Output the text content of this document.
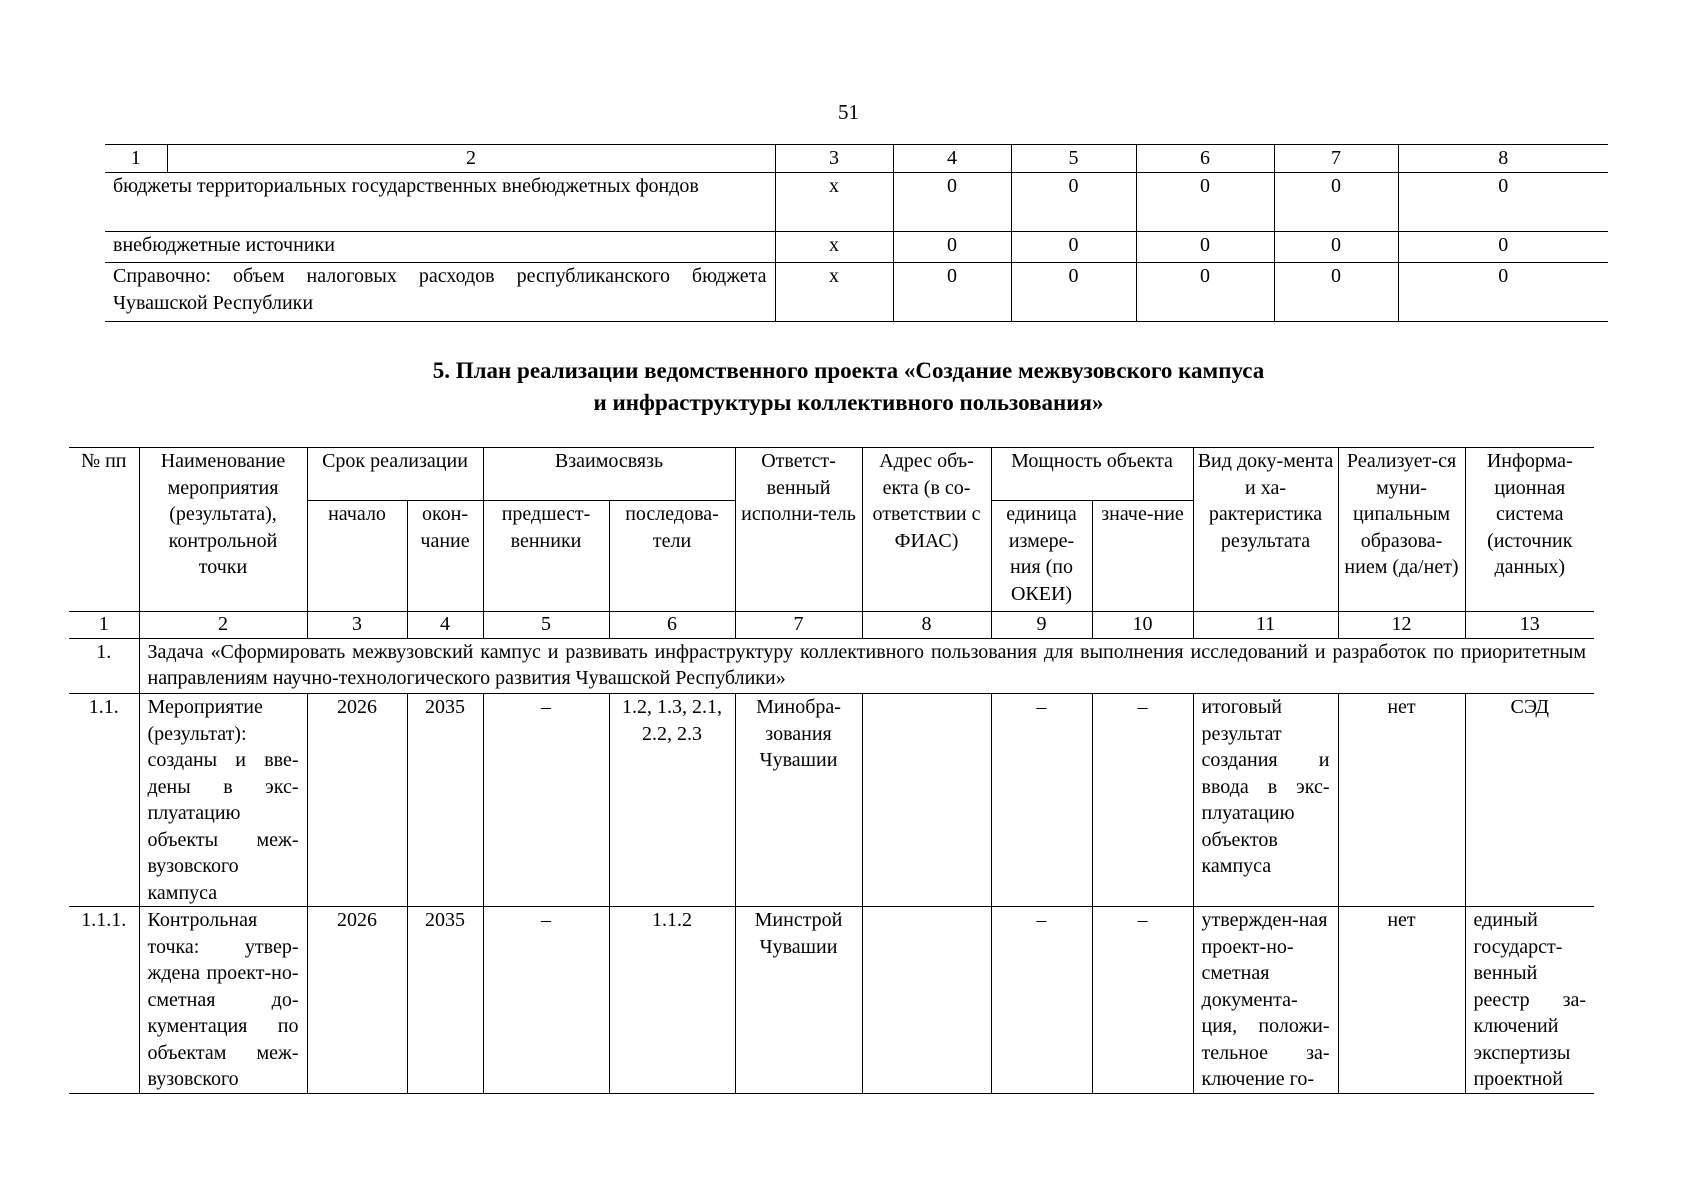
51
1	2	3	4	5	6	7	8
бюджеты территориальных государственных внебюджетных фондов		х	0	0	0	0	0
внебюджетные источники		х	0	0	0	0	0
Справочно: объем налоговых расходов республиканского бюджета Чувашской Республики		х	0	0	0	0	0
5. План реализации ведомственного проекта «Создание межвузовского кампуса
и инфраструктуры коллективного пользования»
№ пп	Наименование мероприятия (результата), контрольной точки	Срок реализации		Взаимосвязь		Ответст-венный исполни-тель	Адрес объ-екта (в со-ответствии с ФИАС)	Мощность объекта		Вид доку-мента и ха-рактеристика результата	Реализует-ся муни-ципальным образова-нием (да/нет)	Информа-ционная система (источник данных)
		начало	окон-чание	предшест-венники	последова-тели			единица измере-ния (по ОКЕИ)	значе-ние			
1	2	3	4	5	6	7	8	9	10	11	12	13
1.	Задача «Сформировать межвузовский кампус и развивать инфраструктуру коллективного пользования для выполнения исследований и разработок по приоритетным направлениям научно-технологического развития Чувашской Республики»											
1.1.	Мероприятие (результат): созданы и вве-дены в экс-плуатацию объекты меж-вузовского кампуса	2026	2035	–	1.2, 1.3, 2.1, 2.2, 2.3	Минобра-зования Чувашии		–	–	итоговый результат создания и ввода в экс-плуатацию объектов кампуса	нет	СЭД
1.1.1.	Контрольная точка: утвер-ждена проект-но-сметная до-кументация по объектам меж-вузовского	2026	2035	–	1.1.2	Минстрой Чувашии		–	–	утвержден-ная проект-но-сметная документа-ция, положи-тельное за-ключение го-	нет	единый государст-венный реестр за-ключений экспертизы проектной
